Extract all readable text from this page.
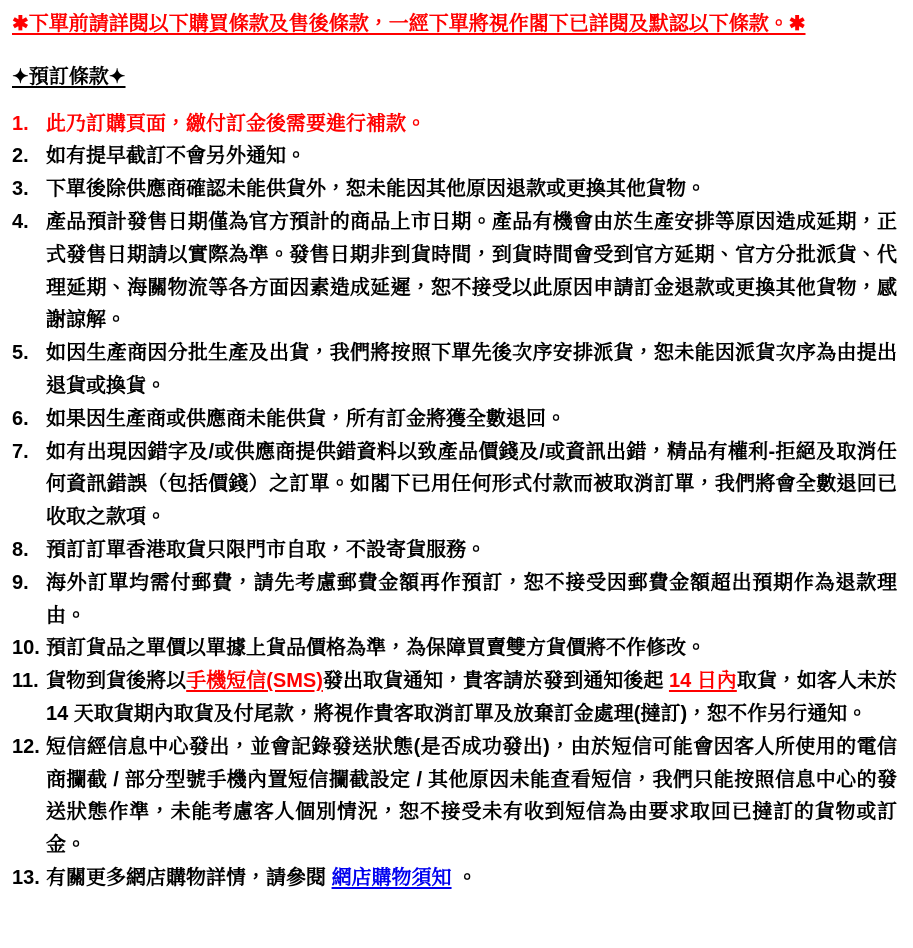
✱下單前請詳閱以下購買條款及售後條款，一經下單將視作閣下已詳閱及默認以下條款。✱
✦預訂條款✦
1. 此乃訂購頁面，繳付訂金後需要進行補款。
2. 如有提早截訂不會另外通知。
3. 下單後除供應商確認未能供貨外，恕未能因其他原因退款或更換其他貨物。
4. 產品預計發售日期僅為官方預計的商品上市日期。產品有機會由於生產安排等原因造成延期，正式發售日期請以實際為準。發售日期非到貨時間，到貨時間會受到官方延期、官方分批派貨、代理延期、海關物流等各方面因素造成延遲，恕不接受以此原因申請訂金退款或更換其他貨物，感謝諒解。
5. 如因生產商因分批生產及出貨，我們將按照下單先後次序安排派貨，恕未能因派貨次序為由提出退貨或換貨。
6. 如果因生產商或供應商未能供貨，所有訂金將獲全數退回。
7. 如有出現因錯字及/或供應商提供錯資料以致產品價錢及/或資訊出錯，精品有權利-拒絕及取消任何資訊錯誤（包括價錢）之訂單。如閣下已用任何形式付款而被取消訂單，我們將會全數退回已收取之款項。
8. 預訂訂單香港取貨只限門市自取，不設寄貨服務。
9. 海外訂單均需付郵費，請先考慮郵費金額再作預訂，恕不接受因郵費金額超出預期作為退款理由。
10. 預訂貨品之單價以單據上貨品價格為準，為保障買賣雙方貨價將不作修改。
11. 貨物到貨後將以手機短信(SMS)發出取貨通知，貴客請於發到通知後起 14 日內取貨，如客人未於 14 天取貨期內取貨及付尾款，將視作貴客取消訂單及放棄訂金處理(撻訂)，恕不作另行通知。
12. 短信經信息中心發出，並會記錄發送狀態(是否成功發出)，由於短信可能會因客人所使用的電信商攔截 / 部分型號手機內置短信攔截設定 / 其他原因未能查看短信，我們只能按照信息中心的發送狀態作準，未能考慮客人個別情況，恕不接受未有收到短信為由要求取回已撻訂的貨物或訂金。
13. 有關更多網店購物詳情，請參閱 網店購物須知 。
